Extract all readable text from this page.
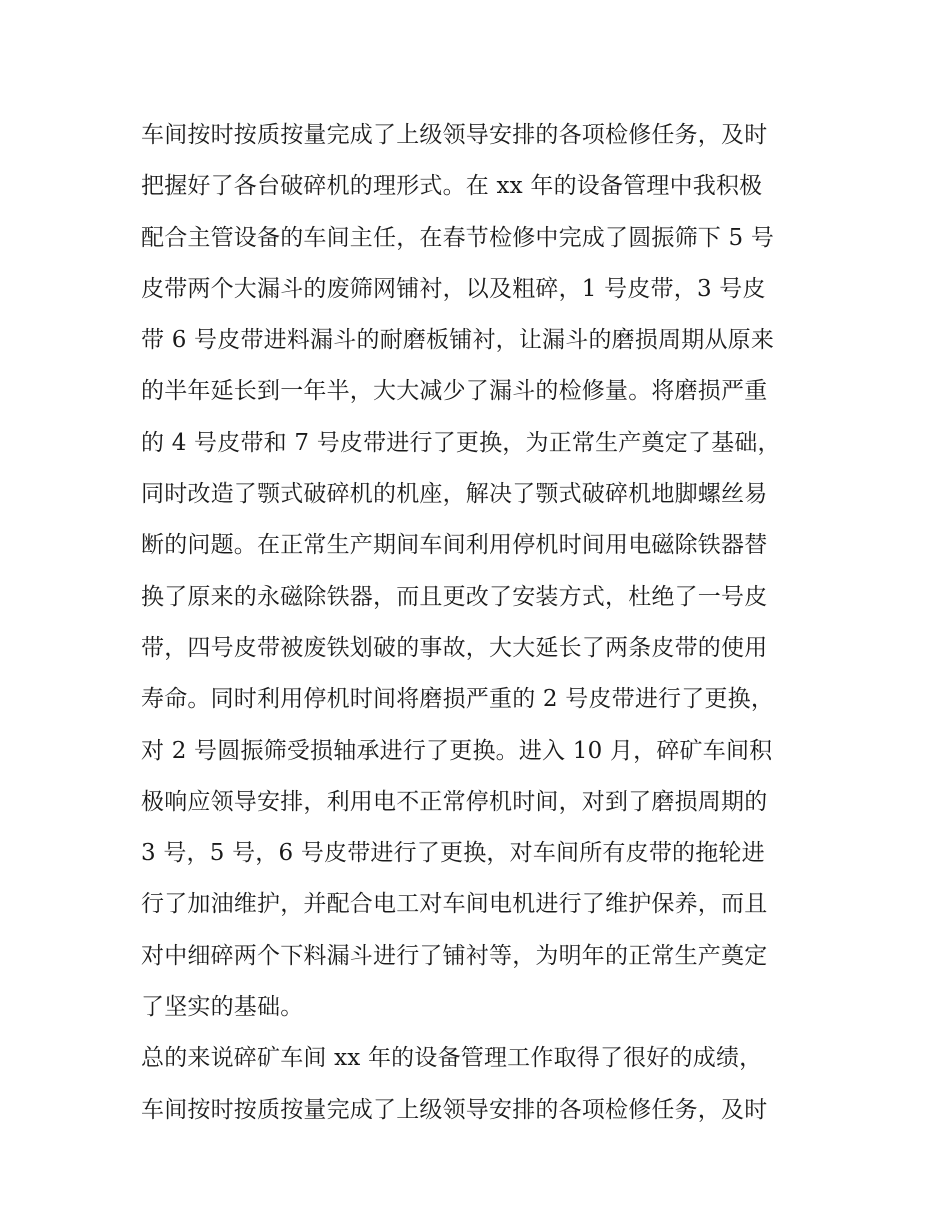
车间按时按质按量完成了上级领导安排的各项检修任务，及时
把握好了各台破碎机的理形式。在 xx 年的设备管理中我积极
配合主管设备的车间主任，在春节检修中完成了圆振筛下 5 号
皮带两个大漏斗的废筛网铺衬，以及粗碎，1 号皮带，3 号皮
带 6 号皮带进料漏斗的耐磨板铺衬，让漏斗的磨损周期从原来
的半年延长到一年半，大大减少了漏斗的检修量。将磨损严重
的 4 号皮带和 7 号皮带进行了更换，为正常生产奠定了基础，
同时改造了颚式破碎机的机座，解决了颚式破碎机地脚螺丝易
断的问题。在正常生产期间车间利用停机时间用电磁除铁器替
换了原来的永磁除铁器，而且更改了安装方式，杜绝了一号皮
带，四号皮带被废铁划破的事故，大大延长了两条皮带的使用
寿命。同时利用停机时间将磨损严重的 2 号皮带进行了更换，
对 2 号圆振筛受损轴承进行了更换。进入 10 月，碎矿车间积
极响应领导安排，利用电不正常停机时间，对到了磨损周期的
3 号，5 号，6 号皮带进行了更换，对车间所有皮带的拖轮进
行了加油维护，并配合电工对车间电机进行了维护保养，而且
对中细碎两个下料漏斗进行了铺衬等，为明年的正常生产奠定
了坚实的基础。
总的来说碎矿车间 xx 年的设备管理工作取得了很好的成绩，
车间按时按质按量完成了上级领导安排的各项检修任务，及时
